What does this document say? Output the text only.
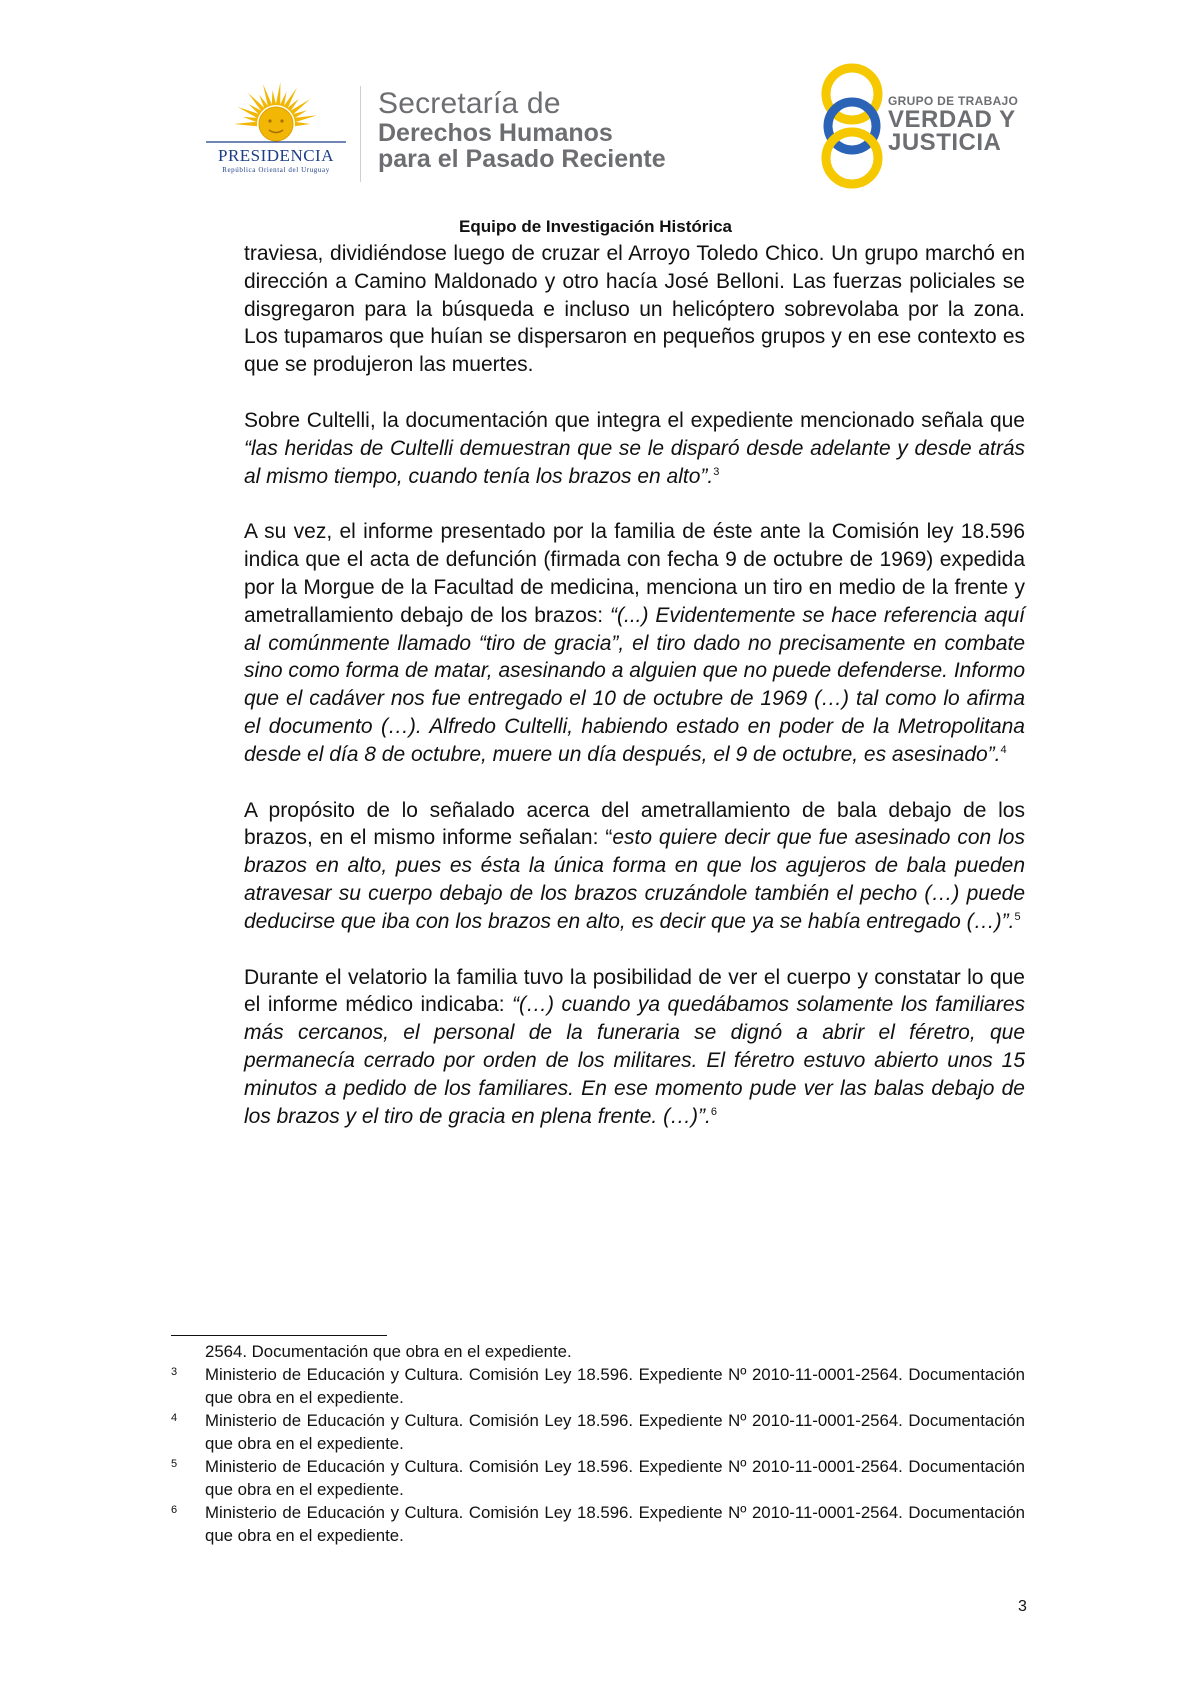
PRESIDENCIA
República Oriental del Uruguay
Secretaría de
Derechos Humanos
para el Pasado Reciente
GRUPO DE TRABAJO
VERDAD Y
JUSTICIA
Equipo de Investigación Histórica

traviesa, dividiéndose luego de cruzar el Arroyo Toledo Chico. Un grupo marchó en dirección a Camino Maldonado y otro hacía José Belloni. Las fuerzas policiales se disgregaron para la búsqueda e incluso un helicóptero sobrevolaba por la zona. Los tupamaros que huían se dispersaron en pequeños grupos y en ese contexto es que se produjeron las muertes.

Sobre Cultelli, la documentación que integra el expediente mencionado señala que “las heridas de Cultelli demuestran que se le disparó desde adelante y desde atrás al mismo tiempo, cuando tenía los brazos en alto”.$^3$

A su vez, el informe presentado por la familia de éste ante la Comisión ley 18.596 indica que el acta de defunción (firmada con fecha 9 de octubre de 1969) expedida por la Morgue de la Facultad de medicina, menciona un tiro en medio de la frente y ametrallamiento debajo de los brazos: “(...) Evidentemente se hace referencia aquí al comúnmente llamado “tiro de gracia”, el tiro dado no precisamente en combate sino como forma de matar, asesinando a alguien que no puede defenderse. Informo que el cadáver nos fue entregado el 10 de octubre de 1969 (…) tal como lo afirma el documento (…). Alfredo Cultelli, habiendo estado en poder de la Metropolitana desde el día 8 de octubre, muere un día después, el 9 de octubre, es asesinado”.$^4$

A propósito de lo señalado acerca del ametrallamiento de bala debajo de los brazos, en el mismo informe señalan: “esto quiere decir que fue asesinado con los brazos en alto, pues es ésta la única forma en que los agujeros de bala pueden atravesar su cuerpo debajo de los brazos cruzándole también el pecho (…) puede deducirse que iba con los brazos en alto, es decir que ya se había entregado (…)”.$^5$

Durante el velatorio la familia tuvo la posibilidad de ver el cuerpo y constatar lo que el informe médico indicaba: “(…) cuando ya quedábamos solamente los familiares más cercanos, el personal de la funeraria se dignó a abrir el féretro, que permanecía cerrado por orden de los militares. El féretro estuvo abierto unos 15 minutos a pedido de los familiares. En ese momento pude ver las balas debajo de los brazos y el tiro de gracia en plena frente. (…)”.$^6$

2564. Documentación que obra en el expediente.
3	Ministerio de Educación y Cultura. Comisión Ley 18.596. Expediente Nº 2010-11-0001-2564. Documentación que obra en el expediente.
4	Ministerio de Educación y Cultura. Comisión Ley 18.596. Expediente Nº 2010-11-0001-2564. Documentación que obra en el expediente.
5	Ministerio de Educación y Cultura. Comisión Ley 18.596. Expediente Nº 2010-11-0001-2564. Documentación que obra en el expediente.
6	Ministerio de Educación y Cultura. Comisión Ley 18.596. Expediente Nº 2010-11-0001-2564. Documentación que obra en el expediente.
3
